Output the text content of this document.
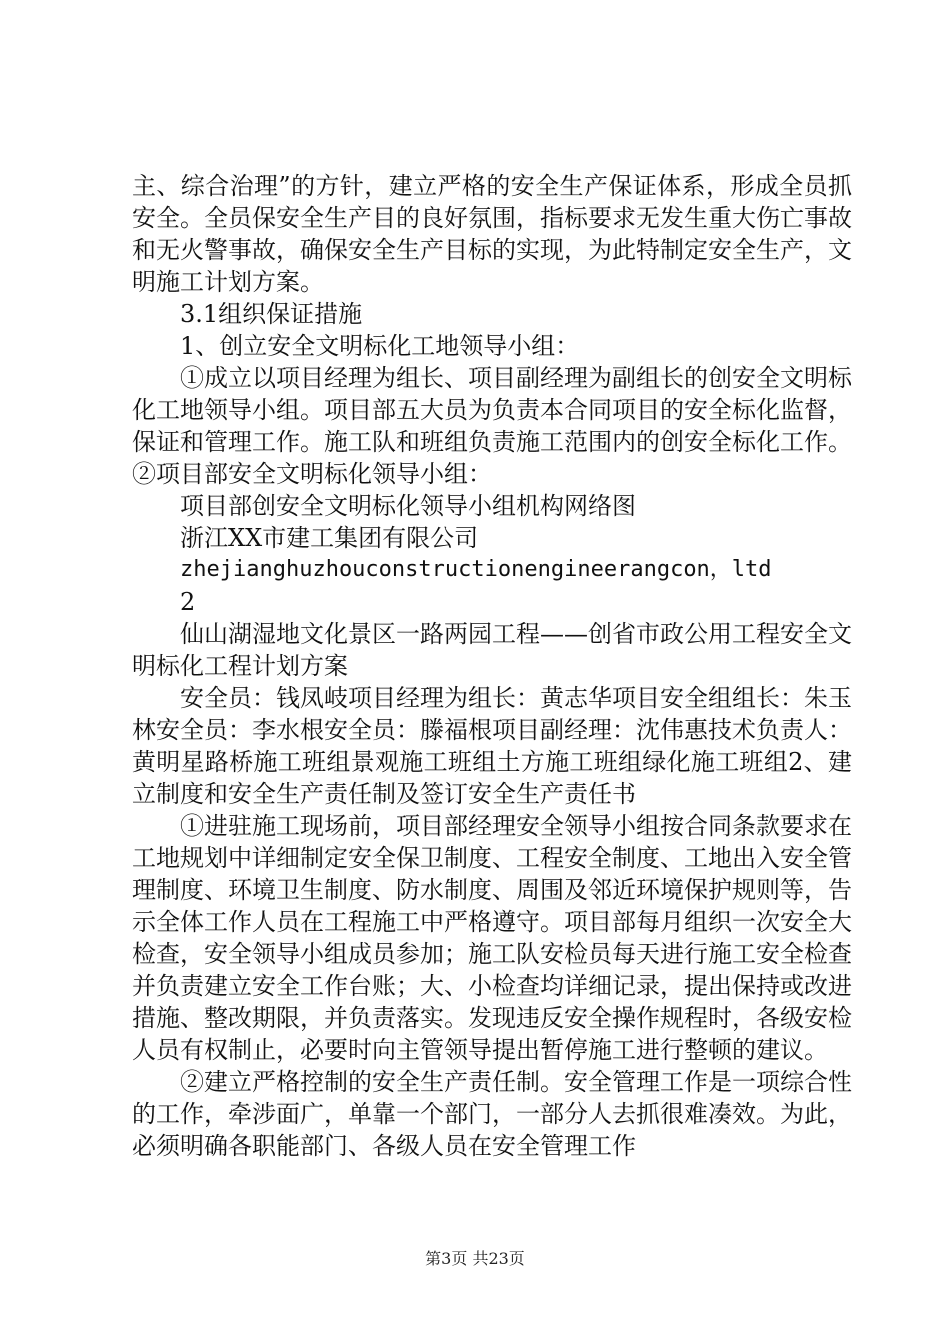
主、综合治理”的方针，建立严格的安全生产保证体系，形成全员抓安全。全员保安全生产目的良好氛围，指标要求无发生重大伤亡事故和无火警事故，确保安全生产目标的实现，为此特制定安全生产，文明施工计划方案。

3.1组织保证措施

1、创立安全文明标化工地领导小组：

①成立以项目经理为组长、项目副经理为副组长的创安全文明标化工地领导小组。项目部五大员为负责本合同项目的安全标化监督，保证和管理工作。施工队和班组负责施工范围内的创安全标化工作。②项目部安全文明标化领导小组：

项目部创安全文明标化领导小组机构网络图

浙江XX市建工集团有限公司

zhejianghuzhouconstructionengineerangcon，ltd

2

仙山湖湿地文化景区一路两园工程——创省市政公用工程安全文明标化工程计划方案

安全员：钱凤岐项目经理为组长：黄志华项目安全组组长：朱玉林安全员：李水根安全员：滕福根项目副经理：沈伟惠技术负责人：黄明星路桥施工班组景观施工班组土方施工班组绿化施工班组2、建立制度和安全生产责任制及签订安全生产责任书

①进驻施工现场前，项目部经理安全领导小组按合同条款要求在工地规划中详细制定安全保卫制度、工程安全制度、工地出入安全管理制度、环境卫生制度、防水制度、周围及邻近环境保护规则等，告示全体工作人员在工程施工中严格遵守。项目部每月组织一次安全大检查，安全领导小组成员参加；施工队安检员每天进行施工安全检查并负责建立安全工作台账；大、小检查均详细记录，提出保持或改进措施、整改期限，并负责落实。发现违反安全操作规程时，各级安检人员有权制止，必要时向主管领导提出暂停施工进行整顿的建议。

②建立严格控制的安全生产责任制。安全管理工作是一项综合性的工作，牵涉面广，单靠一个部门，一部分人去抓很难凑效。为此，必须明确各职能部门、各级人员在安全管理工作

第3页 共23页
